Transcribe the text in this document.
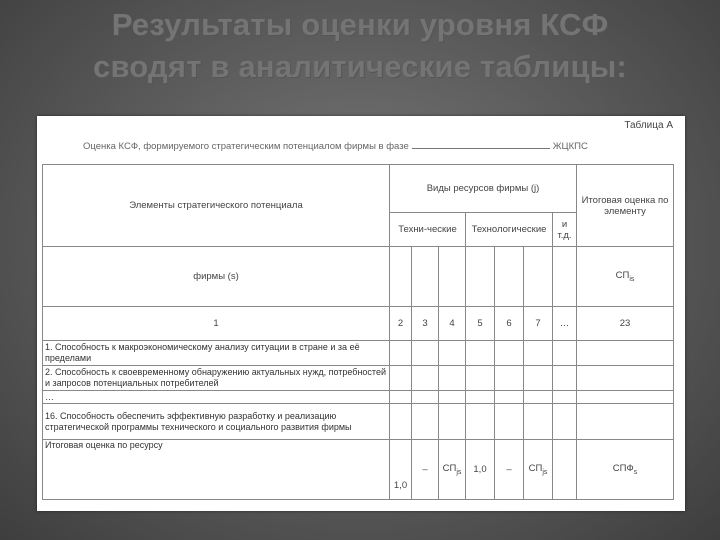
Результаты оценки уровня КСФ
сводят в аналитические таблицы:
Таблица А
Оценка КСФ, формируемого стратегическим потенциалом фирмы в фазе	ЖЦКПС
Элементы стратегического потенциала	Виды ресурсов фирмы (j)							Итоговая оценка по элементу
	Техни-ческие			Технологические			и т.д.	
фирмы (s)								$СП_{is}$
1	2	3	4	5	6	7	…	23
1. Способность к макроэкономическому анализу ситуации в стране и за её пределами								
2. Способность к своевременному обнаружению актуальных нужд, потребностей и запросов потенциальных потребителей								
…								
16. Способность обеспечить эффективную разработку и реализацию стратегической программы технического и социального развития фирмы								
Итоговая оценка по ресурсу	1,0	–	$СП_{js}$	1,0	–	$СП_{js}$		$СПФ_s$
